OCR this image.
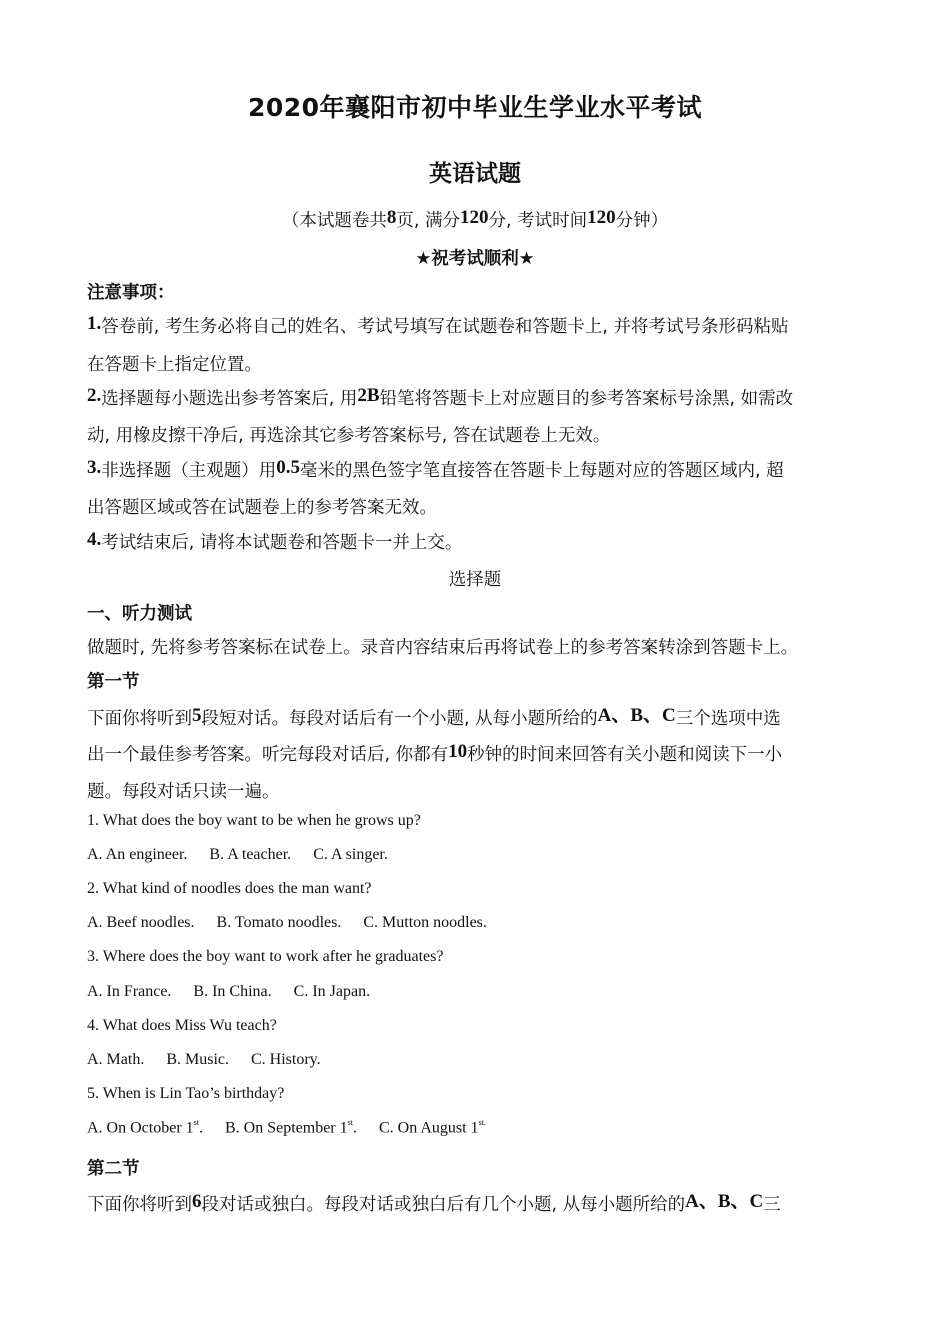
2020年襄阳市初中毕业生学业水平考试
英语试题
（本试题卷共8页, 满分120分, 考试时间120分钟）
★祝考试顺利★
注意事项：
1.答卷前, 考生务必将自己的姓名、考试号填写在试题卷和答题卡上, 并将考试号条形码粘贴
在答题卡上指定位置。
2.选择题每小题选出参考答案后, 用2B铅笔将答题卡上对应题目的参考答案标号涂黑, 如需改
动, 用橡皮擦干净后, 再选涂其它参考答案标号, 答在试题卷上无效。
3.非选择题（主观题）用0.5毫米的黑色签字笔直接答在答题卡上每题对应的答题区域内, 超
出答题区域或答在试题卷上的参考答案无效。
4.考试结束后, 请将本试题卷和答题卡一并上交。
选择题
一、听力测试
做题时, 先将参考答案标在试卷上。录音内容结束后再将试卷上的参考答案转涂到答题卡上。
第一节
下面你将听到5段短对话。每段对话后有一个小题, 从每小题所给的A、B、C三个选项中选
出一个最佳参考答案。听完每段对话后, 你都有10秒钟的时间来回答有关小题和阅读下一小
题。每段对话只读一遍。
1. What does the boy want to be when he grows up?
A. An engineer. B. A teacher. C. A singer.
2. What kind of noodles does the man want?
A. Beef noodles. B. Tomato noodles. C. Mutton noodles.
3. Where does the boy want to work after he graduates?
A. In France. B. In China. C. In Japan.
4. What does Miss Wu teach?
A. Math. B. Music. C. History.
5. When is Lin Tao’s birthday?
A. On October 1st. B. On September 1st. C. On August $1^{st.}$
第二节
下面你将听到6段对话或独白。每段对话或独白后有几个小题, 从每小题所给的A、B、C三
